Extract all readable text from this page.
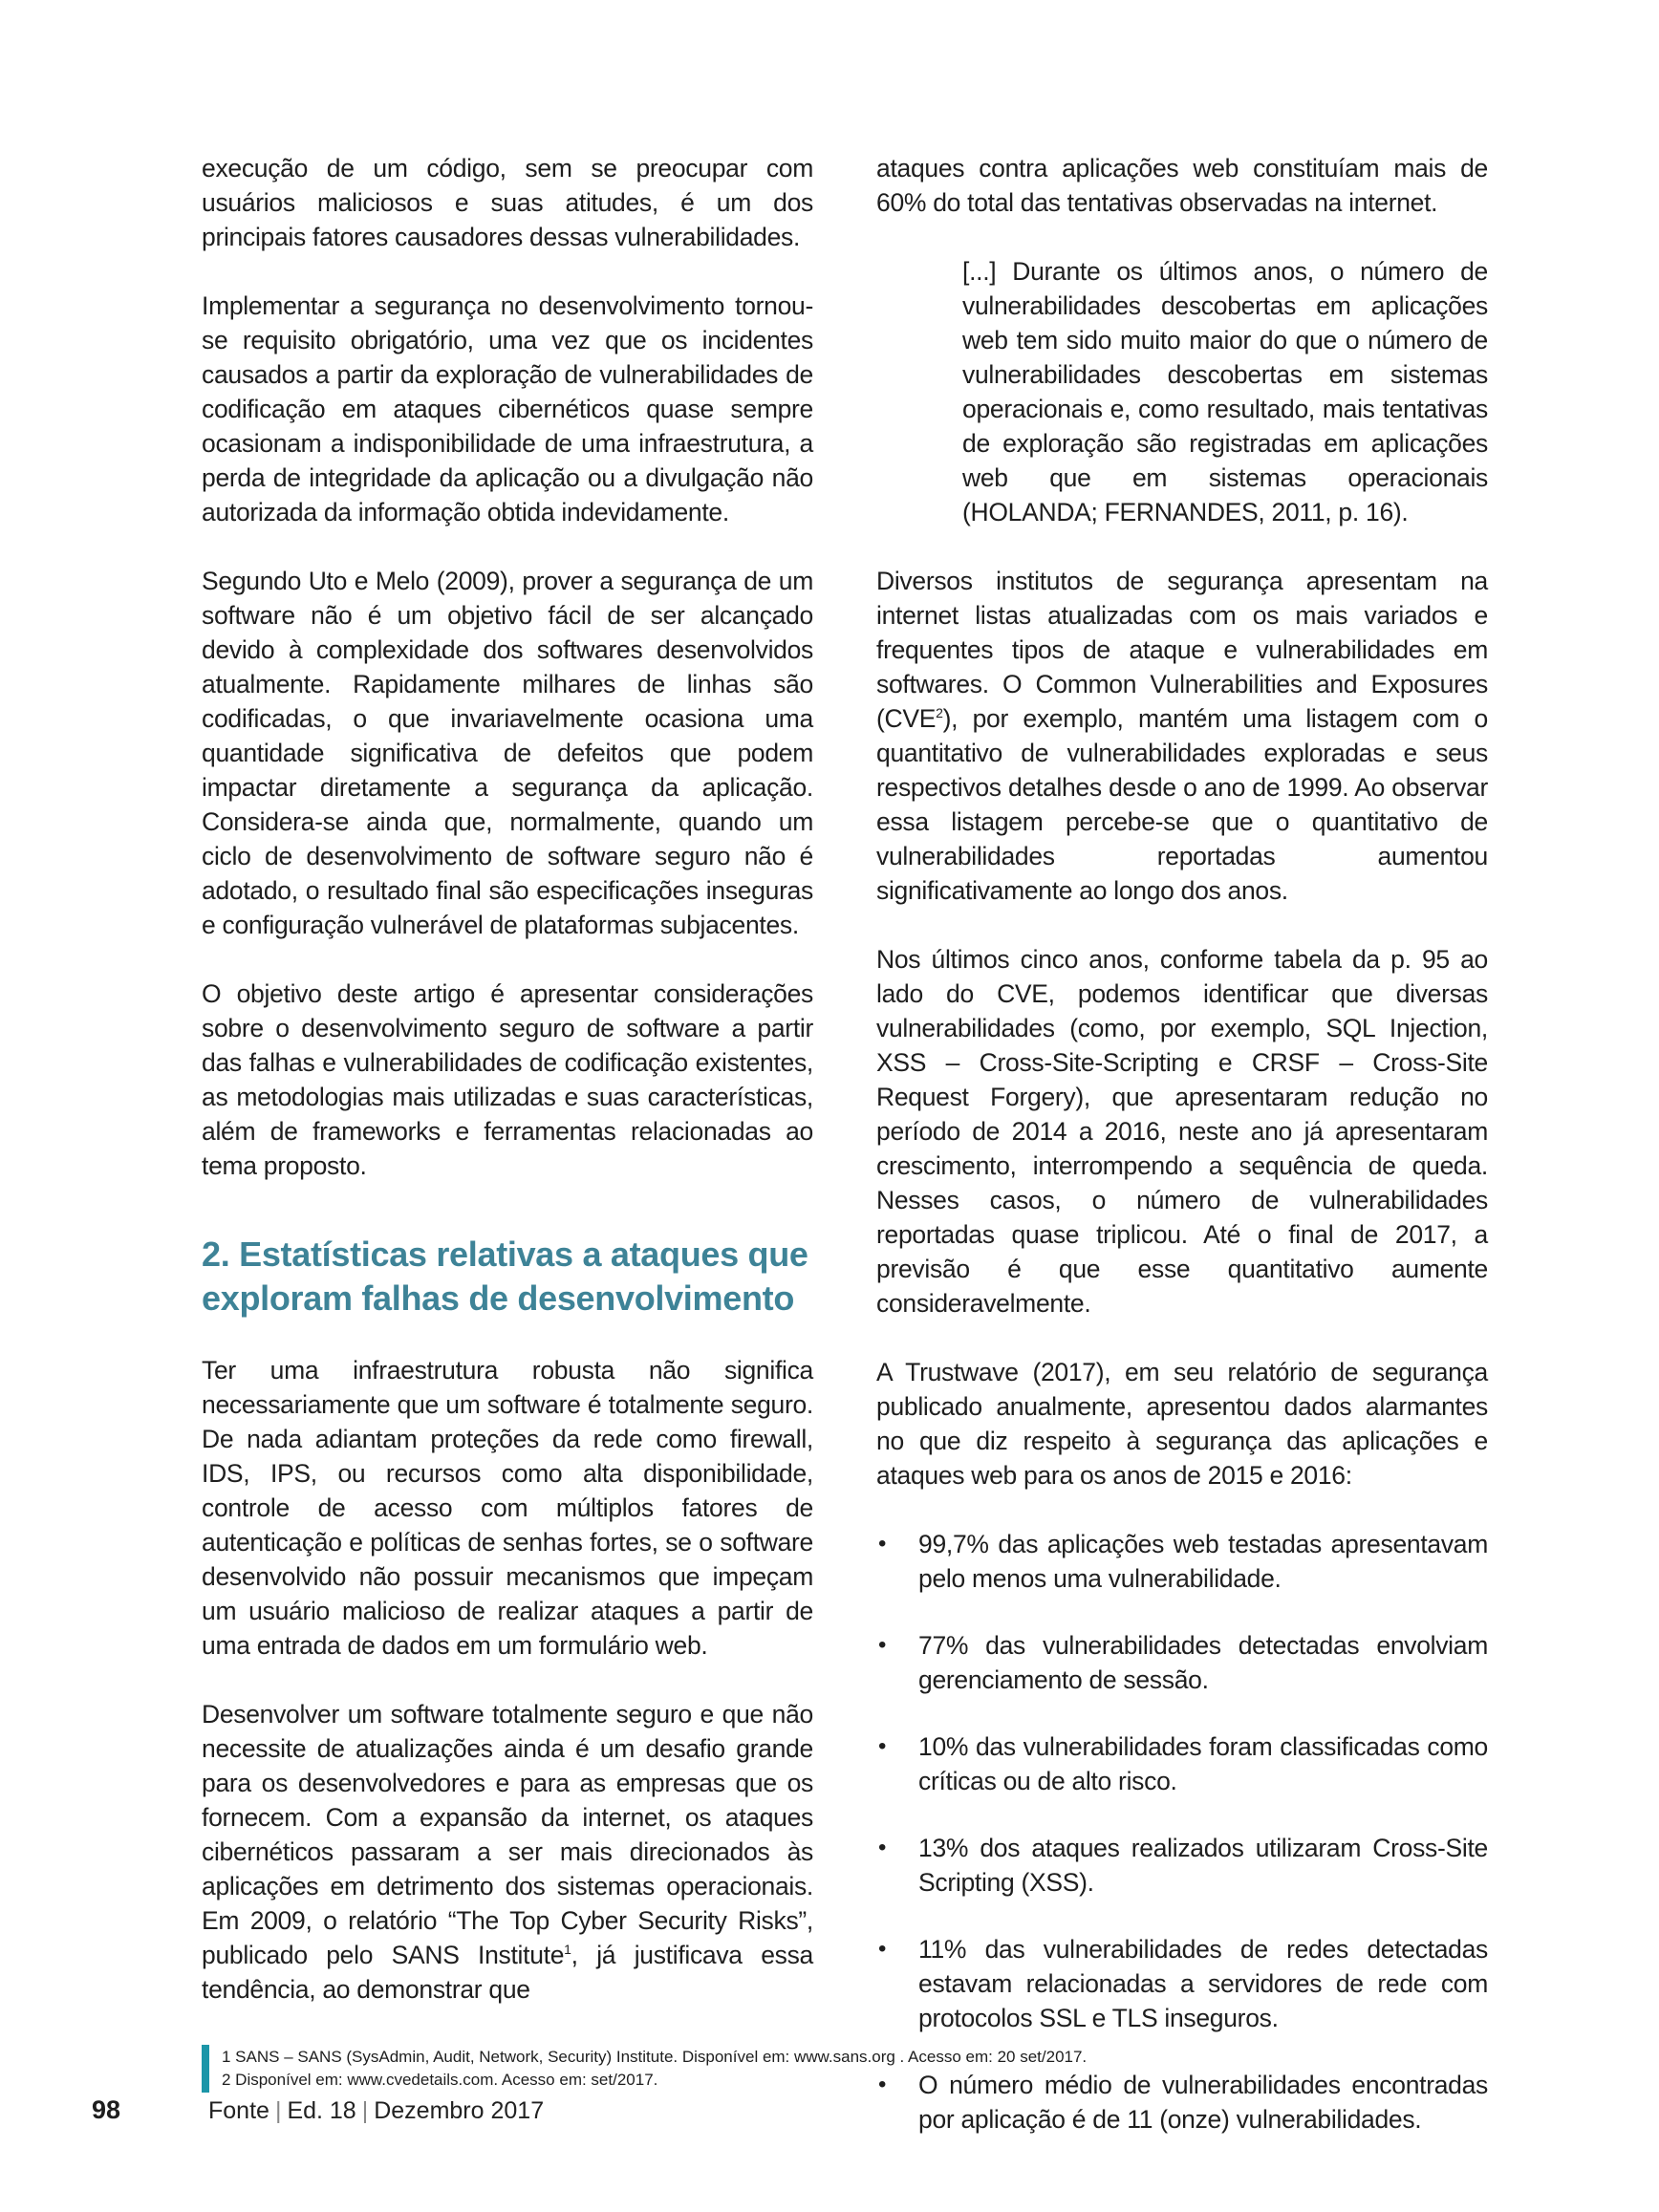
execução de um código, sem se preocupar com usuários maliciosos e suas atitudes, é um dos principais fatores causadores dessas vulnerabilidades.

Implementar a segurança no desenvolvimento tornou-se requisito obrigatório, uma vez que os incidentes causados a partir da exploração de vulnerabilidades de codificação em ataques cibernéticos quase sempre ocasionam a indisponibilidade de uma infraestrutura, a perda de integridade da aplicação ou a divulgação não autorizada da informação obtida indevidamente.

Segundo Uto e Melo (2009), prover a segurança de um software não é um objetivo fácil de ser alcançado devido à complexidade dos softwares desenvolvidos atualmente. Rapidamente milhares de linhas são codificadas, o que invariavelmente ocasiona uma quantidade significativa de defeitos que podem impactar diretamente a segurança da aplicação. Considera-se ainda que, normalmente, quando um ciclo de desenvolvimento de software seguro não é adotado, o resultado final são especificações inseguras e configuração vulnerável de plataformas subjacentes.

O objetivo deste artigo é apresentar considerações sobre o desenvolvimento seguro de software a partir das falhas e vulnerabilidades de codificação existentes, as metodologias mais utilizadas e suas características, além de frameworks e ferramentas relacionadas ao tema proposto.

2. Estatísticas relativas a ataques que exploram falhas de desenvolvimento

Ter uma infraestrutura robusta não significa necessariamente que um software é totalmente seguro. De nada adiantam proteções da rede como firewall, IDS, IPS, ou recursos como alta disponibilidade, controle de acesso com múltiplos fatores de autenticação e políticas de senhas fortes, se o software desenvolvido não possuir mecanismos que impeçam um usuário malicioso de realizar ataques a partir de uma entrada de dados em um formulário web.

Desenvolver um software totalmente seguro e que não necessite de atualizações ainda é um desafio grande para os desenvolvedores e para as empresas que os fornecem. Com a expansão da internet, os ataques cibernéticos passaram a ser mais direcionados às aplicações em detrimento dos sistemas operacionais. Em 2009, o relatório “The Top Cyber Security Risks”, publicado pelo SANS Institute$^1$, já justificava essa tendência, ao demonstrar que

ataques contra aplicações web constituíam mais de 60% do total das tentativas observadas na internet.

[...] Durante os últimos anos, o número de vulnerabilidades descobertas em aplicações web tem sido muito maior do que o número de vulnerabilidades descobertas em sistemas operacionais e, como resultado, mais tentativas de exploração são registradas em aplicações web que em sistemas operacionais (HOLANDA; FERNANDES, 2011, p. 16).

Diversos institutos de segurança apresentam na internet listas atualizadas com os mais variados e frequentes tipos de ataque e vulnerabilidades em softwares. O Common Vulnerabilities and Exposures (CVE$^2$), por exemplo, mantém uma listagem com o quantitativo de vulnerabilidades exploradas e seus respectivos detalhes desde o ano de 1999. Ao observar essa listagem percebe-se que o quantitativo de vulnerabilidades reportadas aumentou significativamente ao longo dos anos.

Nos últimos cinco anos, conforme tabela da p. 95 ao lado do CVE, podemos identificar que diversas vulnerabilidades (como, por exemplo, SQL Injection, XSS – Cross-Site-Scripting e CRSF – Cross-Site Request Forgery), que apresentaram redução no período de 2014 a 2016, neste ano já apresentaram crescimento, interrompendo a sequência de queda. Nesses casos, o número de vulnerabilidades reportadas quase triplicou. Até o final de 2017, a previsão é que esse quantitativo aumente consideravelmente.

A Trustwave (2017), em seu relatório de segurança publicado anualmente, apresentou dados alarmantes no que diz respeito à segurança das aplicações e ataques web para os anos de 2015 e 2016:

• 99,7% das aplicações web testadas apresentavam pelo menos uma vulnerabilidade.
• 77% das vulnerabilidades detectadas envolviam gerenciamento de sessão.
• 10% das vulnerabilidades foram classificadas como críticas ou de alto risco.
• 13% dos ataques realizados utilizaram Cross-Site Scripting (XSS).
• 11% das vulnerabilidades de redes detectadas estavam relacionadas a servidores de rede com protocolos SSL e TLS inseguros.
• O número médio de vulnerabilidades encontradas por aplicação é de 11 (onze) vulnerabilidades.

1 SANS – SANS (SysAdmin, Audit, Network, Security) Institute. Disponível em: www.sans.org . Acesso em: 20 set/2017.

2 Disponível em: www.cvedetails.com. Acesso em: set/2017.

98	Fonte | Ed. 18 | Dezembro 2017
